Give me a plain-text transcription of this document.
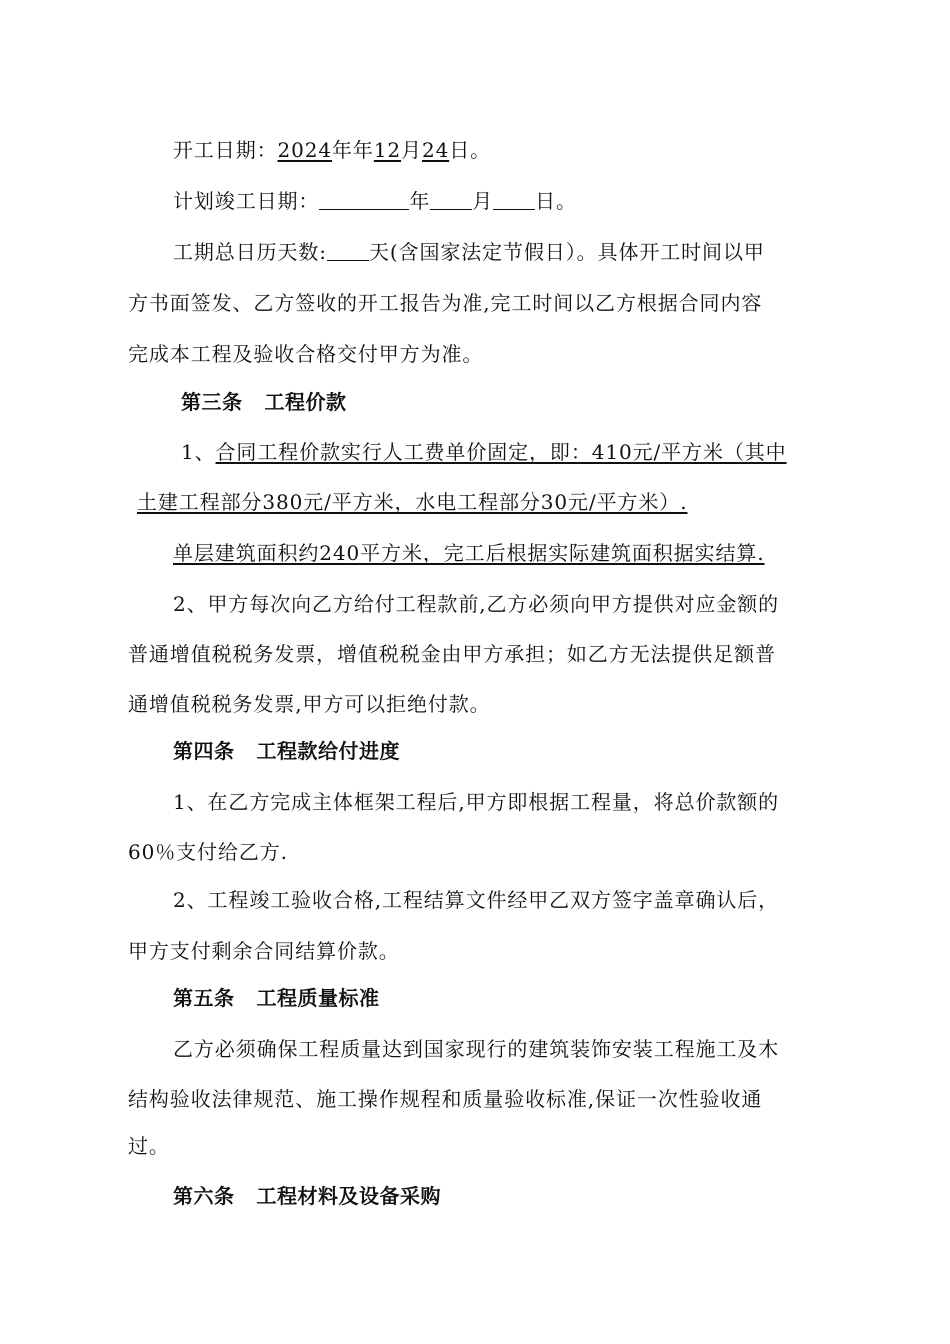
开工日期：2024年年12月24日。
计划竣工日期：	年 月 日。
工期总日历天数: 天(含国家法定节假日）。具体开工时间以甲
方书面签发、乙方签收的开工报告为准,完工时间以乙方根据合同内容
完成本工程及验收合格交付甲方为准。
第三条 工程价款
1、合同工程价款实行人工费单价固定，即：410元/平方米（其中
土建工程部分380元/平方米，水电工程部分30元/平方米）.
单层建筑面积约240平方米，完工后根据实际建筑面积据实结算.
2、甲方每次向乙方给付工程款前,乙方必须向甲方提供对应金额的
普通增值税税务发票，增值税税金由甲方承担；如乙方无法提供足额普
通增值税税务发票,甲方可以拒绝付款。
第四条 工程款给付进度
1、在乙方完成主体框架工程后,甲方即根据工程量，将总价款额的
60％支付给乙方.
2、工程竣工验收合格,工程结算文件经甲乙双方签字盖章确认后，
甲方支付剩余合同结算价款。
第五条 工程质量标准
乙方必须确保工程质量达到国家现行的建筑装饰安装工程施工及木
结构验收法律规范、施工操作规程和质量验收标准,保证一次性验收通
过。
第六条 工程材料及设备采购
